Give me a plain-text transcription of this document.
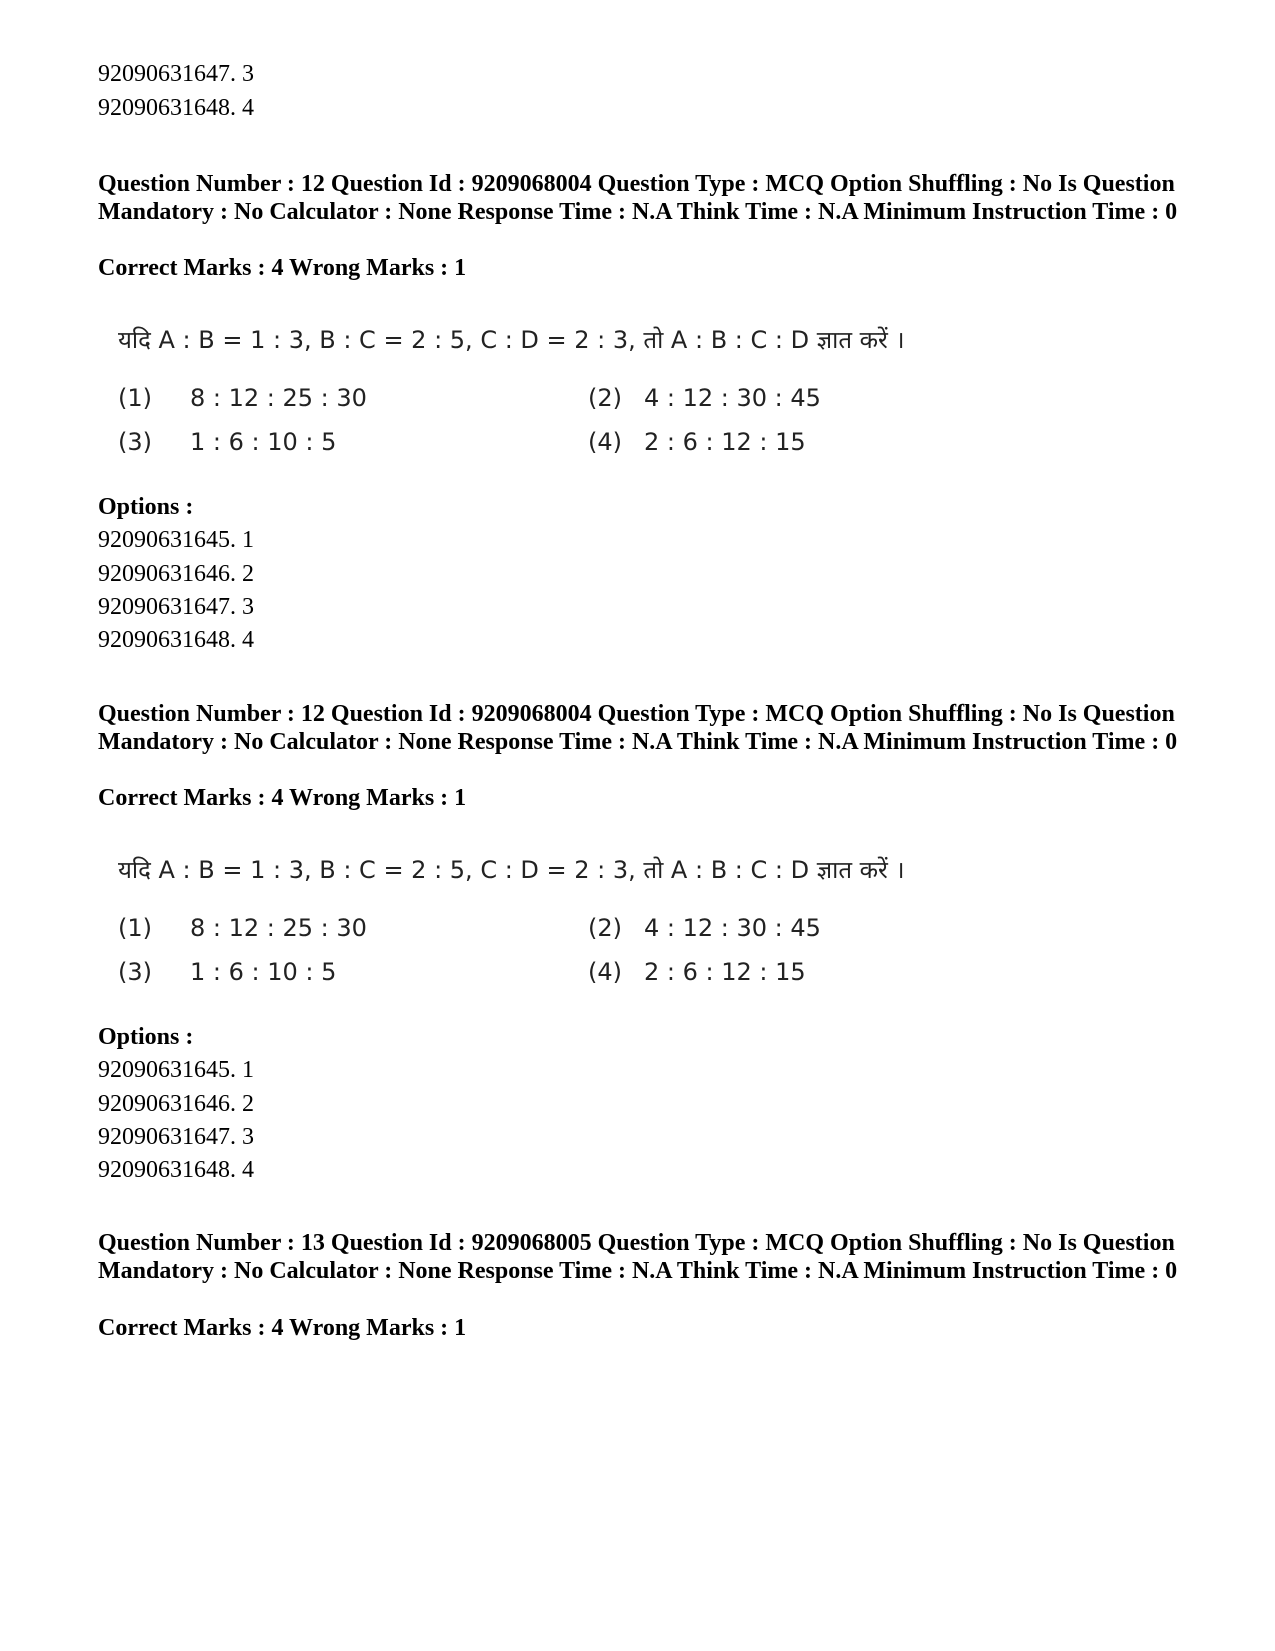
92090631647. 3
92090631648. 4
Question Number : 12 Question Id : 9209068004 Question Type : MCQ Option Shuffling : No Is Question Mandatory : No Calculator : None Response Time : N.A Think Time : N.A Minimum Instruction Time : 0
Correct Marks : 4 Wrong Marks : 1
यदि A : B = 1 : 3, B : C = 2 : 5, C : D = 2 : 3, तो A : B : C : D ज्ञात करें ।
(1) 8 : 12 : 25 : 30	(2) 4 : 12 : 30 : 45
(3) 1 : 6 : 10 : 5	(4) 2 : 6 : 12 : 15
Options :
92090631645. 1
92090631646. 2
92090631647. 3
92090631648. 4
Question Number : 12 Question Id : 9209068004 Question Type : MCQ Option Shuffling : No Is Question Mandatory : No Calculator : None Response Time : N.A Think Time : N.A Minimum Instruction Time : 0
Correct Marks : 4 Wrong Marks : 1
यदि A : B = 1 : 3, B : C = 2 : 5, C : D = 2 : 3, तो A : B : C : D ज्ञात करें ।
(1) 8 : 12 : 25 : 30	(2) 4 : 12 : 30 : 45
(3) 1 : 6 : 10 : 5	(4) 2 : 6 : 12 : 15
Options :
92090631645. 1
92090631646. 2
92090631647. 3
92090631648. 4
Question Number : 13 Question Id : 9209068005 Question Type : MCQ Option Shuffling : No Is Question Mandatory : No Calculator : None Response Time : N.A Think Time : N.A Minimum Instruction Time : 0
Correct Marks : 4 Wrong Marks : 1
